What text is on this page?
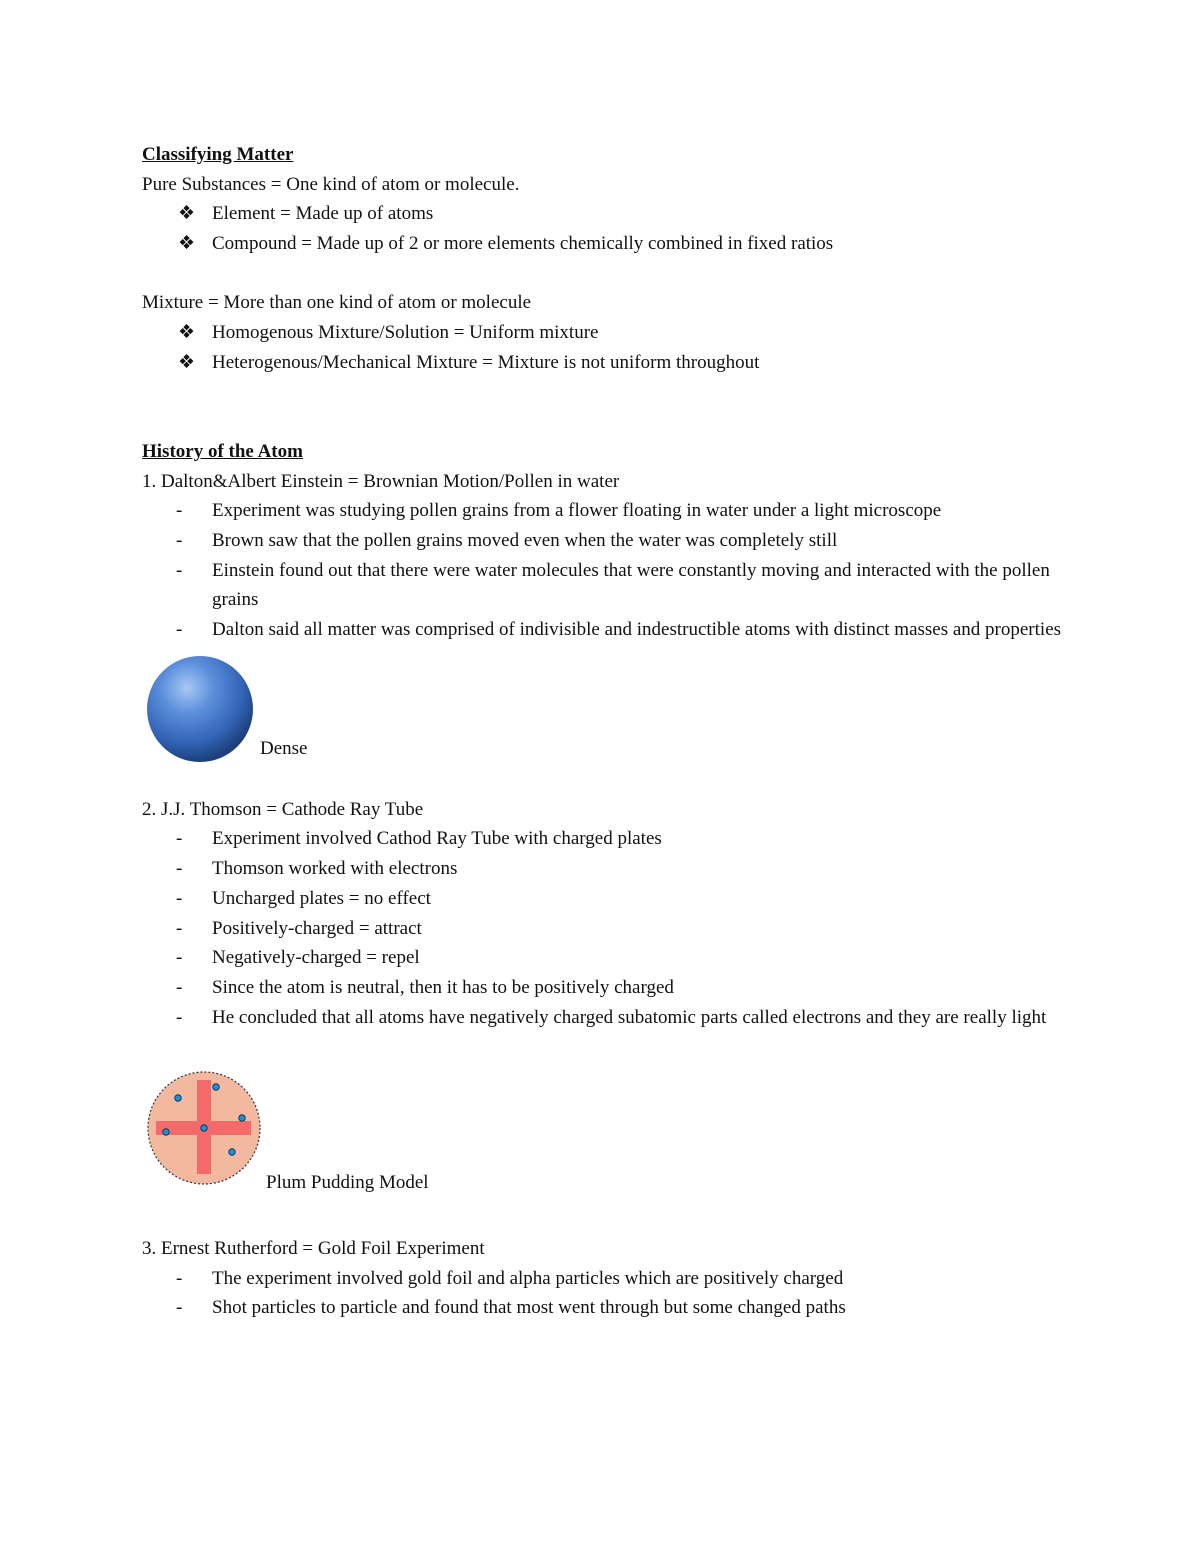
Classifying Matter
Pure Substances = One kind of atom or molecule.
❖ Element = Made up of atoms
❖ Compound = Made up of 2 or more elements chemically combined in fixed ratios
Mixture = More than one kind of atom or molecule
❖ Homogenous Mixture/Solution = Uniform mixture
❖ Heterogenous/Mechanical Mixture = Mixture is not uniform throughout
History of the Atom
1. Dalton&Albert Einstein = Brownian Motion/Pollen in water
- Experiment was studying pollen grains from a flower floating in water under a light microscope
- Brown saw that the pollen grains moved even when the water was completely still
- Einstein found out that there were water molecules that were constantly moving and interacted with the pollen grains
- Dalton said all matter was comprised of indivisible and indestructible atoms with distinct masses and properties
Dense
2. J.J. Thomson = Cathode Ray Tube
- Experiment involved Cathod Ray Tube with charged plates
- Thomson worked with electrons
- Uncharged plates = no effect
- Positively-charged = attract
- Negatively-charged = repel
- Since the atom is neutral, then it has to be positively charged
- He concluded that all atoms have negatively charged subatomic parts called electrons and they are really light
Plum Pudding Model
3. Ernest Rutherford = Gold Foil Experiment
- The experiment involved gold foil and alpha particles which are positively charged
- Shot particles to particle and found that most went through but some changed paths
